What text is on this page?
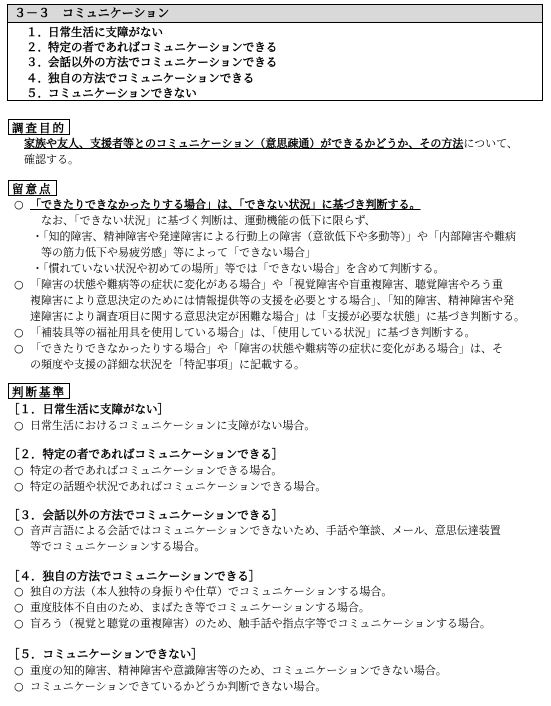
３－３　コミュニケーション
１．日常生活に支障がない
２．特定の者であればコミュニケーションできる
３．会話以外の方法でコミュニケーションできる
４．独自の方法でコミュニケーションできる
５．コミュニケーションできない
調査目的
家族や友人、支援者等とのコミュニケーション（意思疎通）ができるかどうか、その方法について、
確認する。
留意点
○ 「できたりできなかったりする場合」は、「できない状況」に基づき判断する。
なお、「できない状況」に基づく判断は、運動機能の低下に限らず、
・「知的障害、精神障害や発達障害による行動上の障害（意欲低下や多動等）」や「内部障害や難病
等の筋力低下や易疲労感」等によって「できない場合」
・「慣れていない状況や初めての場所」等では「できない場合」を含めて判断する。
○ 「障害の状態や難病等の症状に変化がある場合」や「視覚障害や盲重複障害、聴覚障害やろう重
複障害により意思決定のためには情報提供等の支援を必要とする場合」、「知的障害、精神障害や発
達障害により調査項目に関する意思決定が困難な場合」は「支援が必要な状態」に基づき判断する。
○ 「補装具等の福祉用具を使用している場合」は、「使用している状況」に基づき判断する。
○ 「できたりできなかったりする場合」や「障害の状態や難病等の症状に変化がある場合」は、そ
の頻度や支援の詳細な状況を「特記事項」に記載する。
判断基準
［１．日常生活に支障がない］
○ 日常生活におけるコミュニケーションに支障がない場合。
［２．特定の者であればコミュニケーションできる］
○ 特定の者であればコミュニケーションできる場合。
○ 特定の話題や状況であればコミュニケーションできる場合。
［３．会話以外の方法でコミュニケーションできる］
○ 音声言語による会話ではコミュニケーションできないため、手話や筆談、メール、意思伝達装置
等でコミュニケーションする場合。
［４．独自の方法でコミュニケーションできる］
○ 独自の方法（本人独特の身振りや仕草）でコミュニケーションする場合。
○ 重度肢体不自由のため、まばたき等でコミュニケーションする場合。
○ 盲ろう（視覚と聴覚の重複障害）のため、触手話や指点字等でコミュニケーションする場合。
［５．コミュニケーションできない］
○ 重度の知的障害、精神障害や意識障害等のため、コミュニケーションできない場合。
○ コミュニケーションできているかどうか判断できない場合。
